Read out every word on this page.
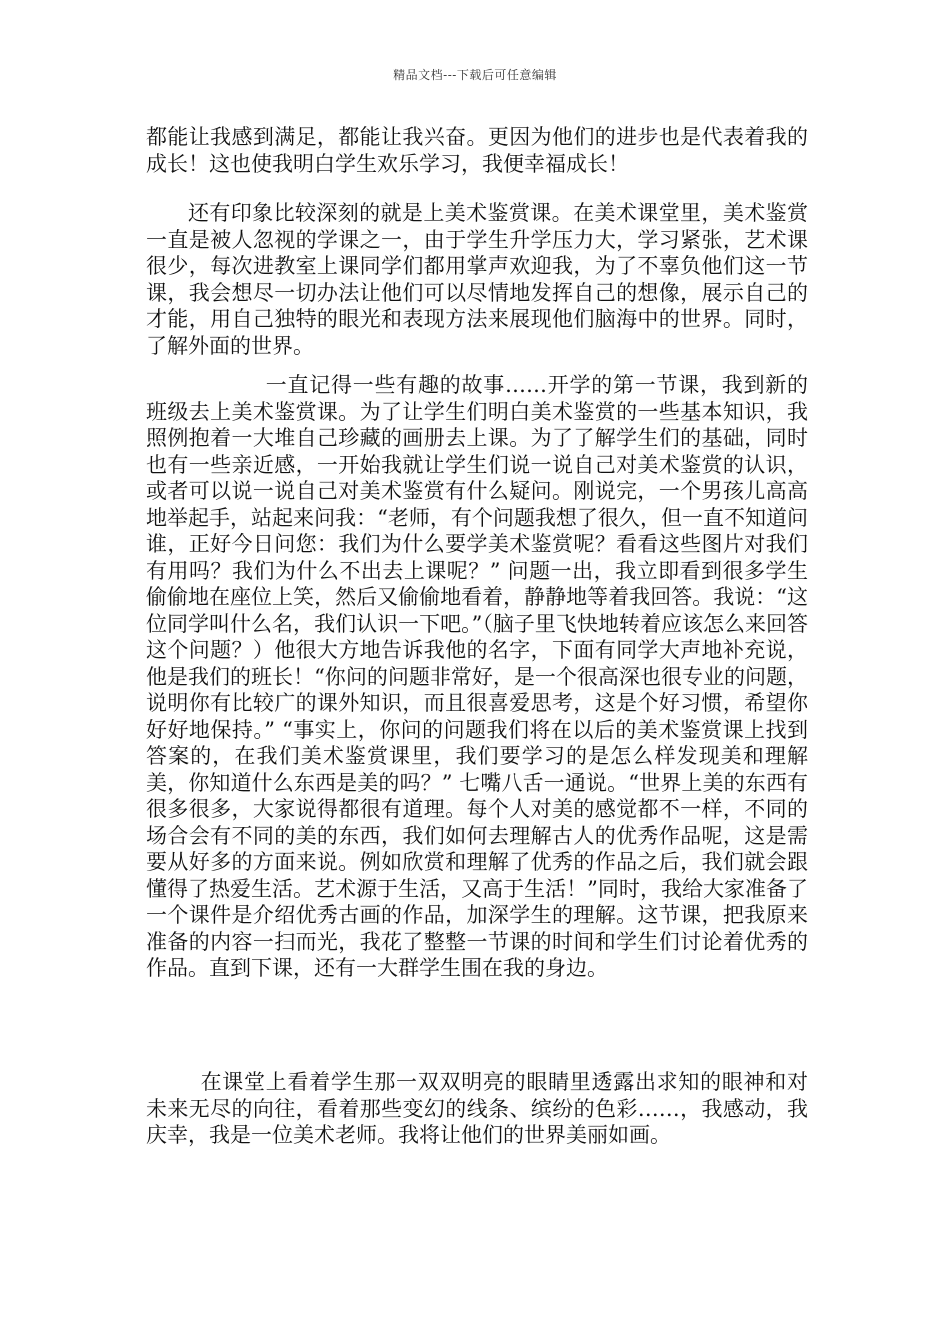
精品文档---下载后可任意编辑

都能让我感到满足，都能让我兴奋。更因为他们的进步也是代表着我的成长！这也使我明白学生欢乐学习，我便幸福成长！

还有印象比较深刻的就是上美术鉴赏课。在美术课堂里，美术鉴赏一直是被人忽视的学课之一，由于学生升学压力大，学习紧张，艺术课很少，每次进教室上课同学们都用掌声欢迎我，为了不辜负他们这一节课，我会想尽一切办法让他们可以尽情地发挥自己的想像，展示自己的才能，用自己独特的眼光和表现方法来展现他们脑海中的世界。同时，了解外面的世界。

一直记得一些有趣的故事……开学的第一节课，我到新的班级去上美术鉴赏课。为了让学生们明白美术鉴赏的一些基本知识，我照例抱着一大堆自己珍藏的画册去上课。为了了解学生们的基础，同时也有一些亲近感，一开始我就让学生们说一说自己对美术鉴赏的认识，或者可以说一说自己对美术鉴赏有什么疑问。刚说完，一个男孩儿高高地举起手，站起来问我：“老师，有个问题我想了很久，但一直不知道问谁，正好今日问您：我们为什么要学美术鉴赏呢？看看这些图片对我们有用吗？我们为什么不出去上课呢？” 问题一出，我立即看到很多学生偷偷地在座位上笑，然后又偷偷地看着，静静地等着我回答。我说：“这位同学叫什么名，我们认识一下吧。”（脑子里飞快地转着应该怎么来回答这个问题？）他很大方地告诉我他的名字，下面有同学大声地补充说，他是我们的班长！“你问的问题非常好，是一个很高深也很专业的问题，说明你有比较广的课外知识，而且很喜爱思考，这是个好习惯，希望你好好地保持。” “事实上，你问的问题我们将在以后的美术鉴赏课上找到答案的，在我们美术鉴赏课里，我们要学习的是怎么样发现美和理解美，你知道什么东西是美的吗？” 七嘴八舌一通说。“世界上美的东西有很多很多，大家说得都很有道理。每个人对美的感觉都不一样，不同的场合会有不同的美的东西，我们如何去理解古人的优秀作品呢，这是需要从好多的方面来说。例如欣赏和理解了优秀的作品之后，我们就会跟懂得了热爱生活。艺术源于生活，又高于生活！”同时，我给大家准备了一个课件是介绍优秀古画的作品，加深学生的理解。这节课，把我原来准备的内容一扫而光，我花了整整一节课的时间和学生们讨论着优秀的作品。直到下课，还有一大群学生围在我的身边。

在课堂上看着学生那一双双明亮的眼睛里透露出求知的眼神和对未来无尽的向往，看着那些变幻的线条、缤纷的色彩……，我感动，我庆幸，我是一位美术老师。我将让他们的世界美丽如画。
